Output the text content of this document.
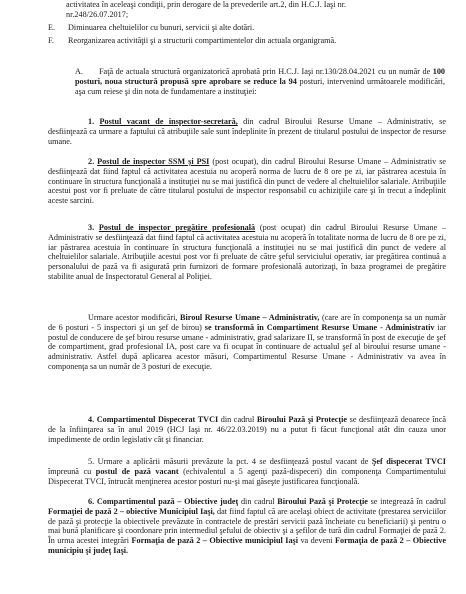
activitatea în aceleaşi condiţii, prin derogare de la prevederile art.2, din H.C.J. Iaşi nr.
nr.248/26.07.2017;
E. Diminuarea cheltuielilor cu bunuri, servicii şi alte dotări.
F. Reorganizarea activităţii şi a structurii compartimentelor din actuala organigramă.
A. Faţă de actuala structură organizatorică aprobată prin H.C.J. Iaşi nr.130/28.04.2021 cu un număr de 100 posturi, noua structură propusă spre aprobare se reduce la 94 posturi, intervenind următoarele modificări, aşa cum reiese şi din nota de fundamentare a instituţiei:
1. Postul vacant de inspector-secretară, din cadrul Biroului Resurse Umane – Administrativ, se desfiinţează ca urmare a faptului că atribuţiile sale sunt îndeplinite în prezent de titularul postului de inspector de resurse umane.
2. Postul de inspector SSM şi PSI (post ocupat), din cadrul Biroului Resurse Umane – Administrativ se desfiinţează dat fiind faptul că activitatea acestuia nu acoperă norma de lucru de 8 ore pe zi, iar păstrarea acestuia în continuare în structura funcţională a instituţiei nu se mai justifică din punct de vedere al cheltuielilor salariale. Atribuţiile acestui post vor fi preluate de către titularul postului de inspector responsabil cu achiziţiile care şi în trecut a îndeplinit aceste sarcini.
3. Postul de inspector pregătire profesională (post ocupat) din cadrul Biroului Resurse Umane – Administrativ se desfiinţează dat fiind faptul că activitatea acestuia nu acoperă în totalitate norma de lucru de 8 ore pe zi, iar păstrarea acestuia în continuare în structura funcţională a instituţiei nu se mai justifică din punct de vedere al cheltuielilor salariale. Atribuţiile acestui post vor fi preluate de către şeful serviciului operativ, iar pregătirea continuă a personalului de pază va fi asigurată prin furnizori de formare profesională autorizaţi, în baza programei de pregătire stabilite anual de Inspectoratul General al Poliţiei.
Urmare acestor modificări, Biroul Resurse Umane – Administrativ, (care are în componenţa sa un număr de 6 posturi - 5 inspectori şi un şef de birou) se transformă în Compartiment Resurse Umane - Administrativ iar postul de conducere de şef birou resurse umane - administrativ, grad salarizare II, se transformă în post de execuţie de şef de compartiment, grad profesional IA, post care va fi ocupat în continuare de actualul şef al biroului resurse umane - administrativ. Astfel după aplicarea acestor măsuri, Compartimentul Resurse Umane - Administrativ va avea în componenţa sa un număr de 3 posturi de execuţie.
4. Compartimentul Dispecerat TVCI din cadrul Biroului Pază şi Protecţie se desfiinţează deoarece încă de la înfiinţarea sa în anul 2019 (HCJ Iaşi nr. 46/22.03.2019) nu a putut fi făcut funcţional atât din cauza unor impedimente de ordin legislativ cât şi financiar.
5. Urmare a aplicării măsurii prevăzute la pct. 4 se desfiinţează postul vacant de Şef dispecerat TVCI împreună cu postul de pază vacant (echivalentul a 5 agenţi pază-dispeceri) din componenţa Compartimentului Dispecerat TVCI, întrucât menţinerea acestor posturi nu-şi mai găseşte justificarea funcţională.
6. Compartimentul pază – Obiective judeţ din cadrul Biroului Pază şi Protecţie se integrează în cadrul Formaţiei de pază 2 – obiective Municipiul Iaşi, dat fiind faptul că are acelaşi obiect de activitate (prestarea serviciilor de pază şi protecţie la obiectivele prevăzute în contractele de prestări servicii pază încheiate cu beneficiarii) şi pentru o mai bună planificare şi coordonare prin intermediul şefului de obiectiv şi a şefilor de tură din cadrul Formaţiei de pază 2. În urma acestei integrări Formaţia de pază 2 – Obiective municipiul Iaşi va deveni Formaţia de pază 2 – Obiective municipiu şi judeţ Iaşi.
